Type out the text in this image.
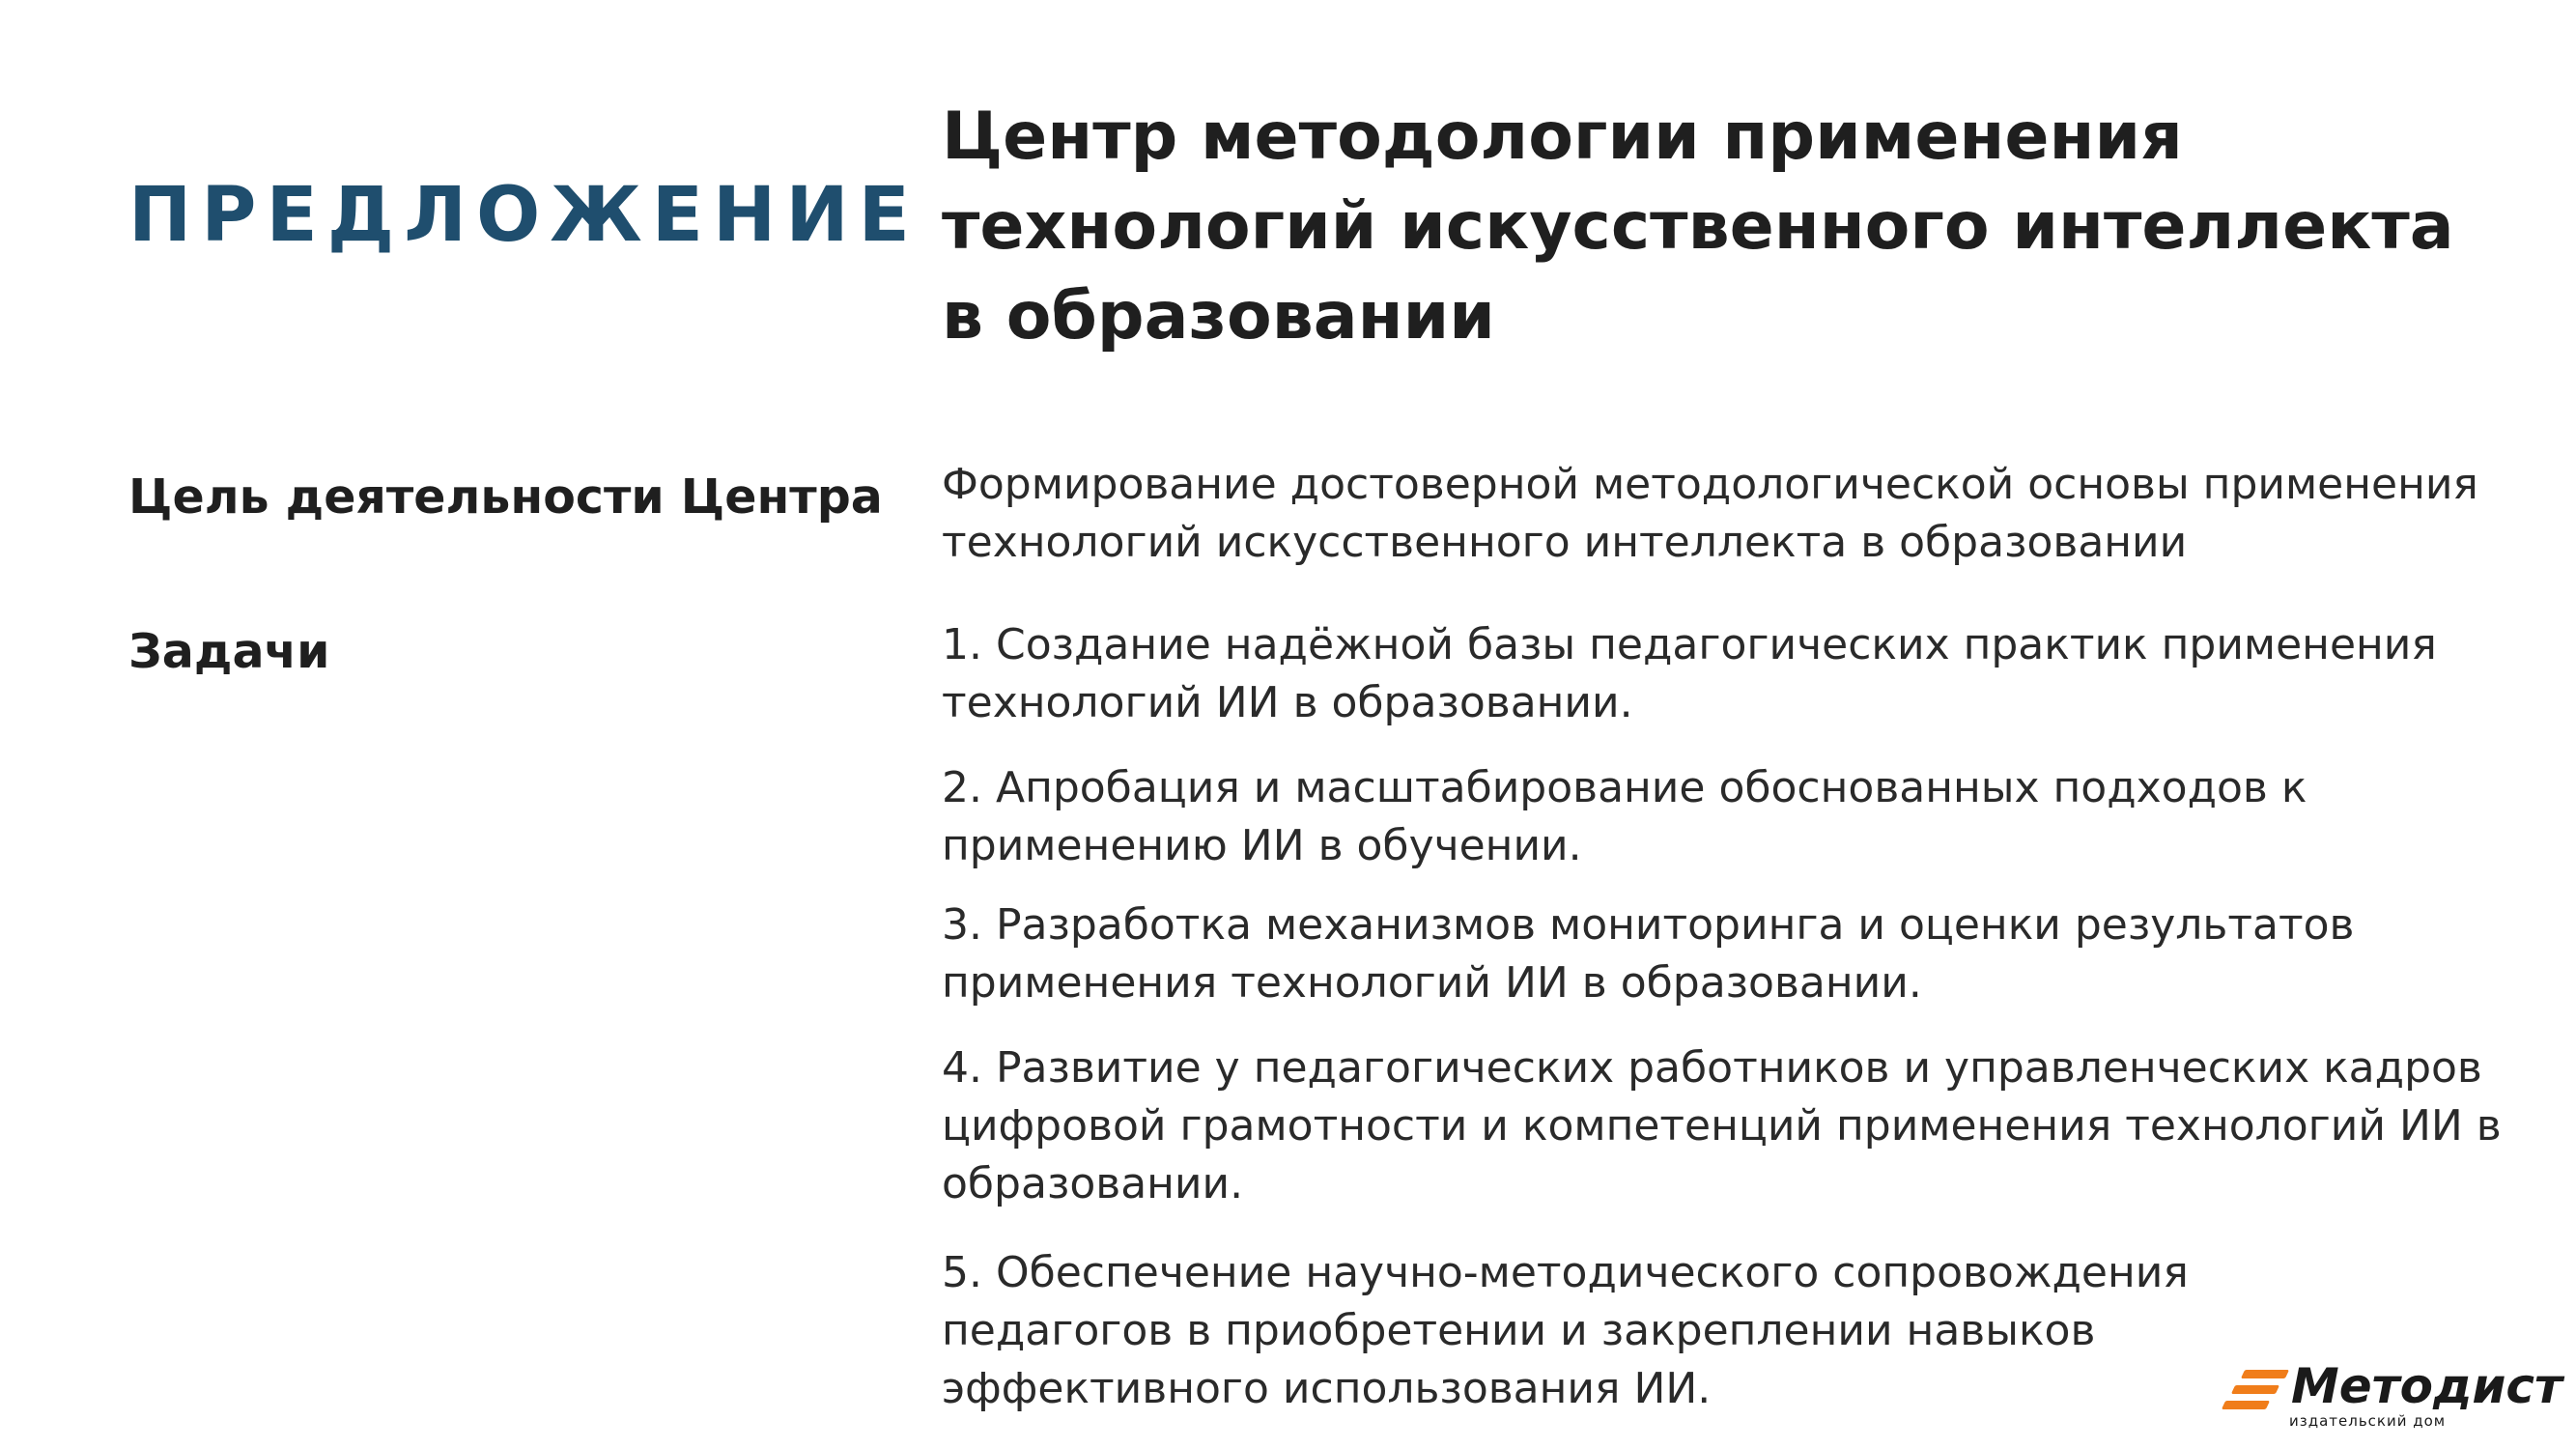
ПРЕДЛОЖЕНИЕ
Центр методологии применения технологий искусственного интеллекта в образовании
Цель деятельности Центра Формирование достоверной методологической основы применения технологий искусственного интеллекта в образовании
Задачи	1. Создание надёжной базы педагогических практик применения технологий ИИ в образовании.
2. Апробация и масштабирование обоснованных подходов к применению ИИ в обучении.
3. Разработка механизмов мониторинга и оценки результатов применения технологий ИИ в образовании.
4. Развитие у педагогических работников и управленческих кадров цифровой грамотности и компетенций применения технологий ИИ в образовании.
5. Обеспечение научно-методического сопровождения педагогов в приобретении и закреплении навыков эффективного использования ИИ.	Методист
издательский дом
